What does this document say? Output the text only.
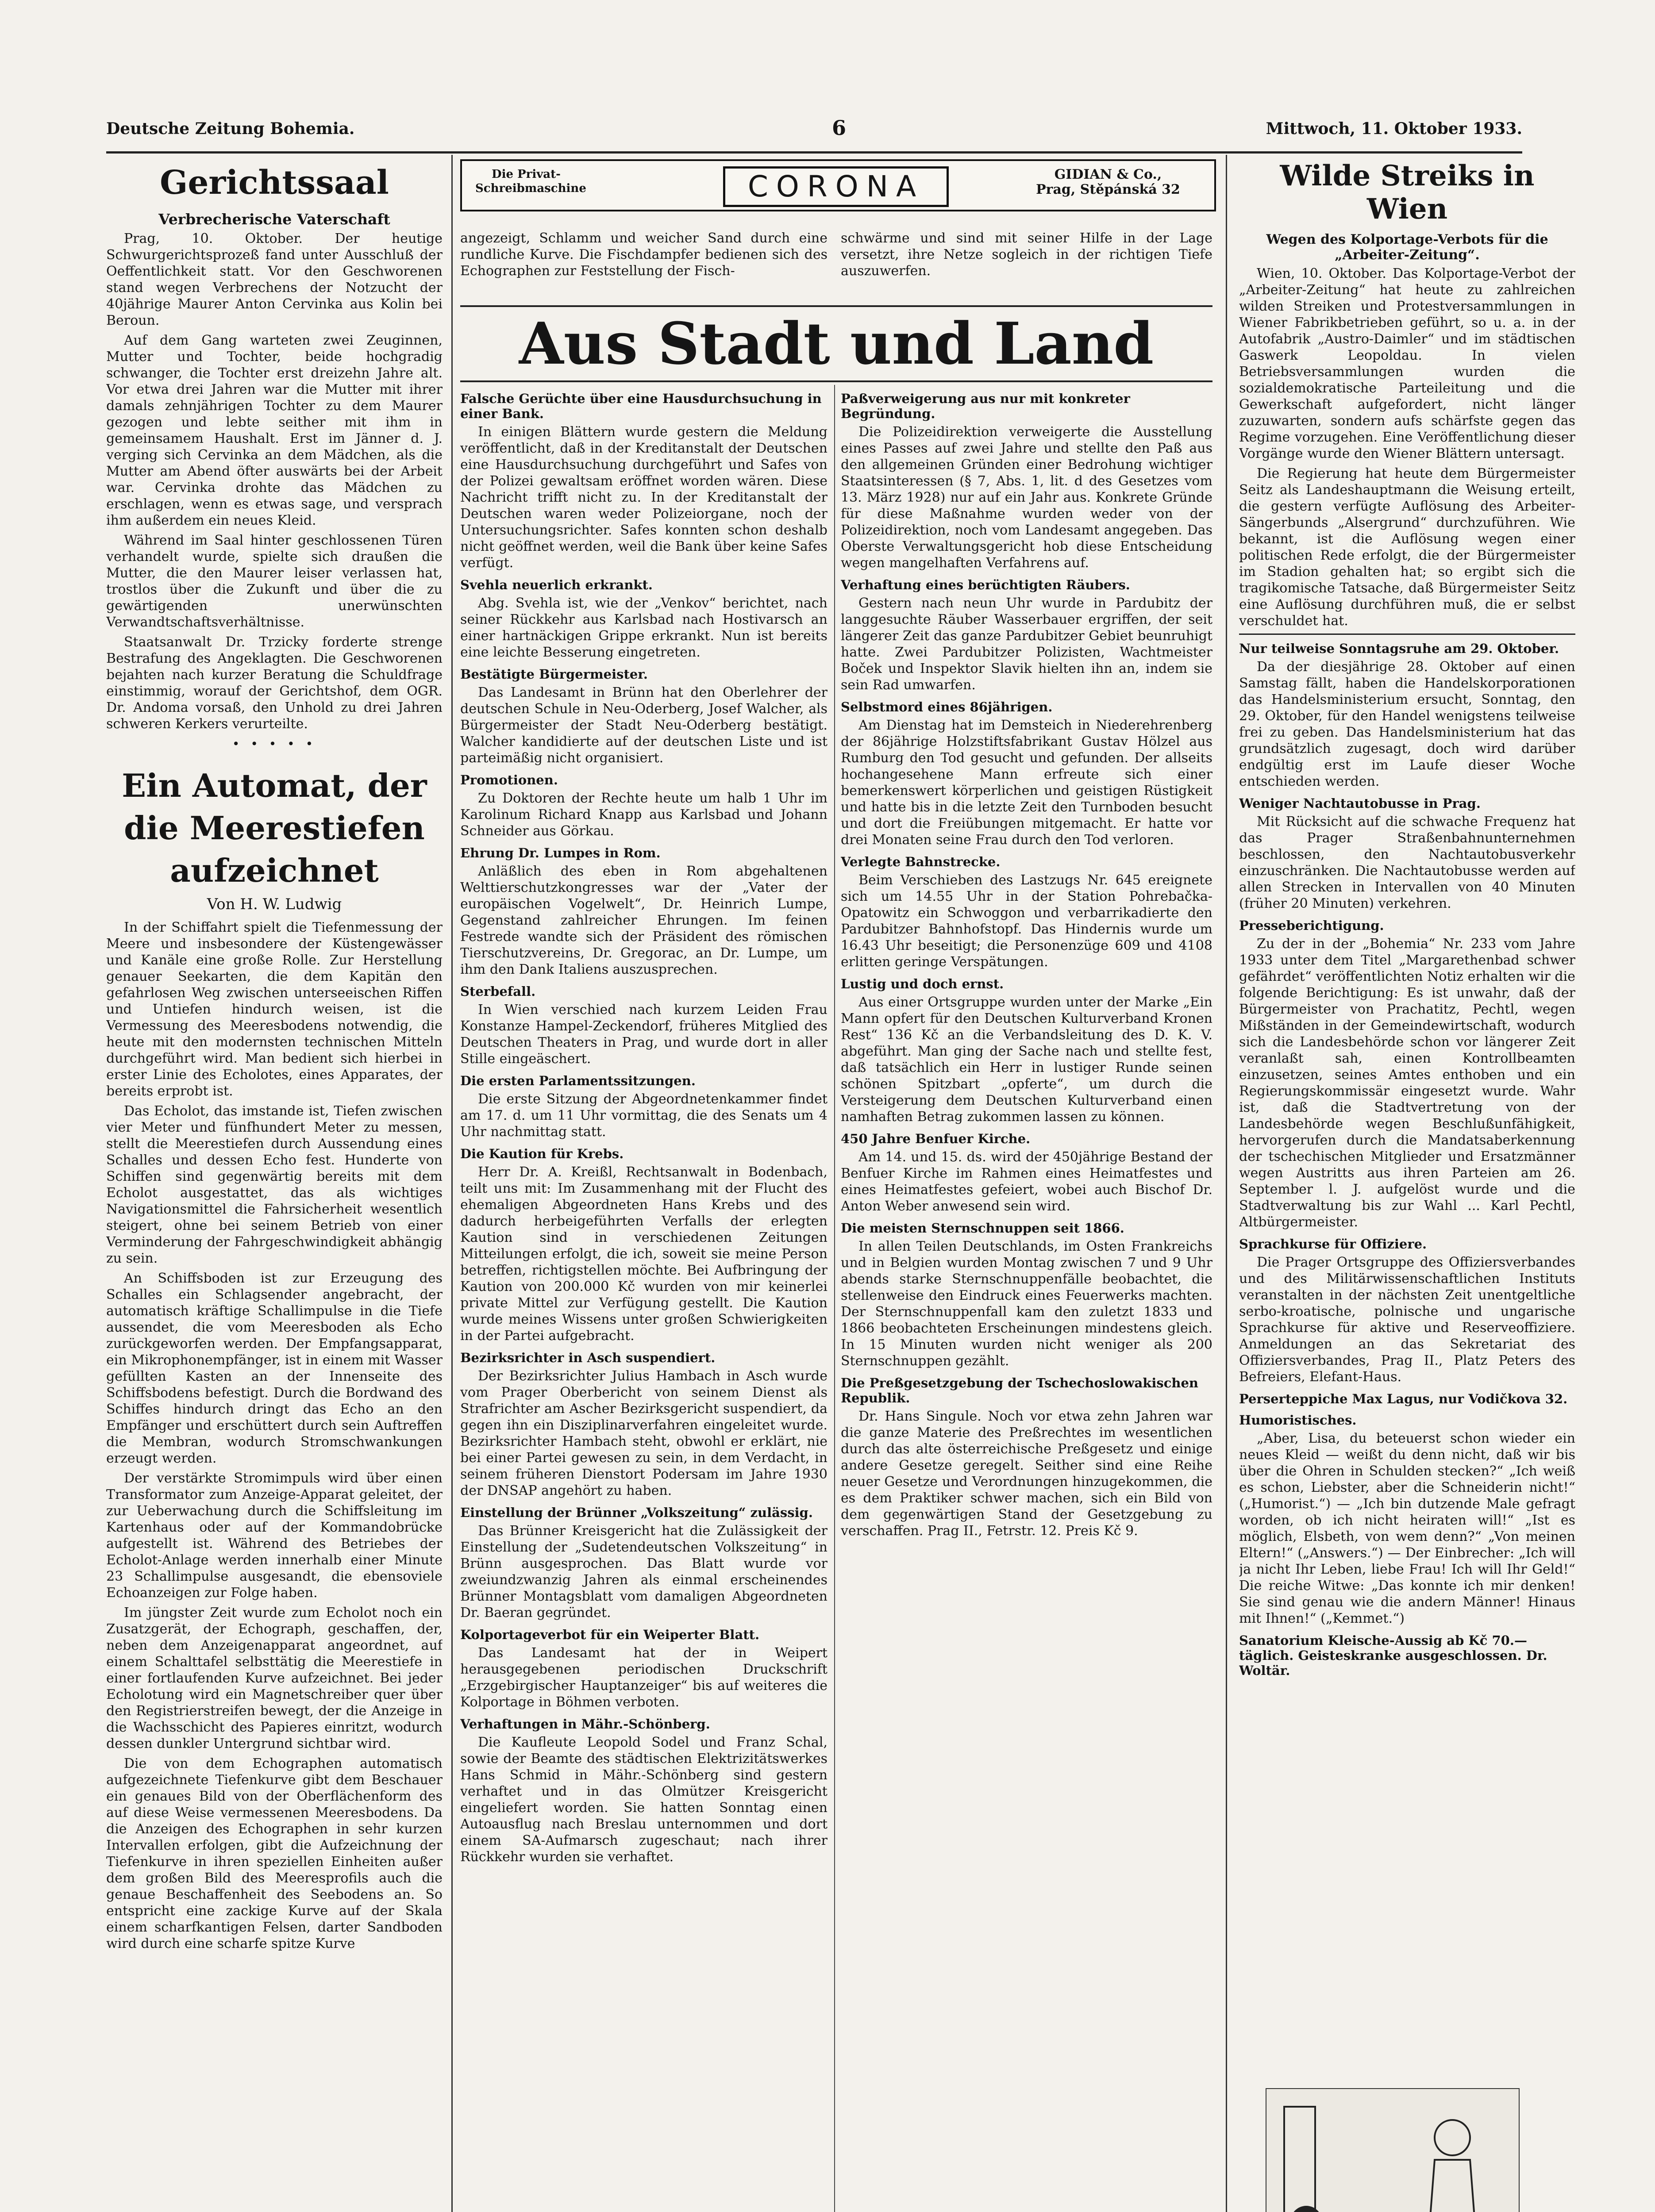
Deutsche Zeitung Bohemia.	6	Mittwoch, 11. Oktober 1933.
Gerichtssaal
Verbrecherische Vaterschaft

Prag, 10. Oktober. Der heutige Schwurgerichtsprozeß fand unter Ausschluß der Oeffentlichkeit statt. Vor den Geschworenen stand wegen Verbrechens der Notzucht der 40jährige Maurer Anton Cervinka aus Kolin bei Beroun.

Auf dem Gang warteten zwei Zeuginnen, Mutter und Tochter, beide hochgradig schwanger, die Tochter erst dreizehn Jahre alt. Vor etwa drei Jahren war die Mutter mit ihrer damals zehnjährigen Tochter zu dem Maurer gezogen und lebte seither mit ihm in gemeinsamem Haushalt. Erst im Jänner d. J. verging sich Cervinka an dem Mädchen, als die Mutter am Abend öfter auswärts bei der Arbeit war. Cervinka drohte das Mädchen zu erschlagen, wenn es etwas sage, und versprach ihm außerdem ein neues Kleid.

Während im Saal hinter geschlossenen Türen verhandelt wurde, spielte sich draußen die Mutter, die den Maurer leiser verlassen hat, trostlos über die Zukunft und über die zu gewärtigenden unerwünschten Verwandtschaftsverhältnisse.

Staatsanwalt Dr. Trzicky forderte strenge Bestrafung des Angeklagten. Die Geschworenen bejahten nach kurzer Beratung die Schuldfrage einstimmig, worauf der Gerichtshof, dem OGR. Dr. Andoma vorsaß, den Unhold zu drei Jahren schweren Kerkers verurteilte.

• • • • •
Ein Automat, der die Meerestiefen aufzeichnet
Von H. W. Ludwig

In der Schiffahrt spielt die Tiefenmessung der Meere und insbesondere der Küstengewässer und Kanäle eine große Rolle. Zur Herstellung genauer Seekarten, die dem Kapitän den gefahrlosen Weg zwischen unterseeischen Riffen und Untiefen hindurch weisen, ist die Vermessung des Meeresbodens notwendig, die heute mit den modernsten technischen Mitteln durchgeführt wird. Man bedient sich hierbei in erster Linie des Echolotes, eines Apparates, der bereits erprobt ist.

Das Echolot, das imstande ist, Tiefen zwischen vier Meter und fünfhundert Meter zu messen, stellt die Meerestiefen durch Aussendung eines Schalles und dessen Echo fest. Hunderte von Schiffen sind gegenwärtig bereits mit dem Echolot ausgestattet, das als wichtiges Navigationsmittel die Fahrsicherheit wesentlich steigert, ohne bei seinem Betrieb von einer Verminderung der Fahrgeschwindigkeit abhängig zu sein.

An Schiffsboden ist zur Erzeugung des Schalles ein Schlagsender angebracht, der automatisch kräftige Schallimpulse in die Tiefe aussendet, die vom Meeresboden als Echo zurückgeworfen werden. Der Empfangsapparat, ein Mikrophonempfänger, ist in einem mit Wasser gefüllten Kasten an der Innenseite des Schiffsbodens befestigt. Durch die Bordwand des Schiffes hindurch dringt das Echo an den Empfänger und erschüttert durch sein Auftreffen die Membran, wodurch Stromschwankungen erzeugt werden.

Der verstärkte Stromimpuls wird über einen Transformator zum Anzeige-Apparat geleitet, der zur Ueberwachung durch die Schiffsleitung im Kartenhaus oder auf der Kommandobrücke aufgestellt ist. Während des Betriebes der Echolot-Anlage werden innerhalb einer Minute 23 Schallimpulse ausgesandt, die ebensoviele Echoanzeigen zur Folge haben.

Im jüngster Zeit wurde zum Echolot noch ein Zusatzgerät, der Echograph, geschaffen, der, neben dem Anzeigenapparat angeordnet, auf einem Schalttafel selbsttätig die Meerestiefe in einer fortlaufenden Kurve aufzeichnet. Bei jeder Echolotung wird ein Magnetschreiber quer über den Registrierstreifen bewegt, der die Anzeige in die Wachsschicht des Papieres einritzt, wodurch dessen dunkler Untergrund sichtbar wird.

Die von dem Echographen automatisch aufgezeichnete Tiefenkurve gibt dem Beschauer ein genaues Bild von der Oberflächenform des auf diese Weise vermessenen Meeresbodens. Da die Anzeigen des Echographen in sehr kurzen Intervallen erfolgen, gibt die Aufzeichnung der Tiefenkurve in ihren speziellen Einheiten außer dem großen Bild des Meeresprofils auch die genaue Beschaffenheit des Seebodens an. So entspricht eine zackige Kurve auf der Skala einem scharfkantigen Felsen, darter Sandboden wird durch eine scharfe spitze Kurve

Die Privat-Schreibmaschine	CORONA	GIDIAN & Co.,
Prag, Stěpánská 32

angezeigt, Schlamm und weicher Sand durch eine rundliche Kurve. Die Fischdampfer bedienen sich des Echographen zur Feststellung der Fisch-

schwärme und sind mit seiner Hilfe in der Lage versetzt, ihre Netze sogleich in der richtigen Tiefe auszuwerfen.

Aus Stadt und Land
Falsche Gerüchte über eine Hausdurchsuchung in einer Bank.

In einigen Blättern wurde gestern die Meldung veröffentlicht, daß in der Kreditanstalt der Deutschen eine Hausdurchsuchung durchgeführt und Safes von der Polizei gewaltsam eröffnet worden wären. Diese Nachricht trifft nicht zu. In der Kreditanstalt der Deutschen waren weder Polizeiorgane, noch der Untersuchungsrichter. Safes konnten schon deshalb nicht geöffnet werden, weil die Bank über keine Safes verfügt.

Svehla neuerlich erkrankt.

Abg. Svehla ist, wie der „Venkov“ berichtet, nach seiner Rückkehr aus Karlsbad nach Hostivarsch an einer hartnäckigen Grippe erkrankt. Nun ist bereits eine leichte Besserung eingetreten.

Bestätigte Bürgermeister.

Das Landesamt in Brünn hat den Oberlehrer der deutschen Schule in Neu-Oderberg, Josef Walcher, als Bürgermeister der Stadt Neu-Oderberg bestätigt. Walcher kandidierte auf der deutschen Liste und ist parteimäßig nicht organisiert.

Promotionen.

Zu Doktoren der Rechte heute um halb 1 Uhr im Karolinum Richard Knapp aus Karlsbad und Johann Schneider aus Görkau.

Ehrung Dr. Lumpes in Rom.

Anläßlich des eben in Rom abgehaltenen Welttierschutzkongresses war der „Vater der europäischen Vogelwelt“, Dr. Heinrich Lumpe, Gegenstand zahlreicher Ehrungen. Im feinen Festrede wandte sich der Präsident des römischen Tierschutzvereins, Dr. Gregorac, an Dr. Lumpe, um ihm den Dank Italiens auszusprechen.

Sterbefall.

In Wien verschied nach kurzem Leiden Frau Konstanze Hampel-Zeckendorf, früheres Mitglied des Deutschen Theaters in Prag, und wurde dort in aller Stille eingeäschert.

Die ersten Parlamentssitzungen.

Die erste Sitzung der Abgeordnetenkammer findet am 17. d. um 11 Uhr vormittag, die des Senats um 4 Uhr nachmittag statt.

Die Kaution für Krebs.

Herr Dr. A. Kreißl, Rechtsanwalt in Bodenbach, teilt uns mit: Im Zusammenhang mit der Flucht des ehemaligen Abgeordneten Hans Krebs und des dadurch herbeigeführten Verfalls der erlegten Kaution sind in verschiedenen Zeitungen Mitteilungen erfolgt, die ich, soweit sie meine Person betreffen, richtigstellen möchte. Bei Aufbringung der Kaution von 200.000 Kč wurden von mir keinerlei private Mittel zur Verfügung gestellt. Die Kaution wurde meines Wissens unter großen Schwierigkeiten in der Partei aufgebracht.

Bezirksrichter in Asch suspendiert.

Der Bezirksrichter Julius Hambach in Asch wurde vom Prager Oberbericht von seinem Dienst als Strafrichter am Ascher Bezirksgericht suspendiert, da gegen ihn ein Disziplinarverfahren eingeleitet wurde. Bezirksrichter Hambach steht, obwohl er erklärt, nie bei einer Partei gewesen zu sein, in dem Verdacht, in seinem früheren Dienstort Podersam im Jahre 1930 der DNSAP angehört zu haben.

Einstellung der Brünner „Volkszeitung“ zulässig.

Das Brünner Kreisgericht hat die Zulässigkeit der Einstellung der „Sudetendeutschen Volkszeitung“ in Brünn ausgesprochen. Das Blatt wurde vor zweiundzwanzig Jahren als einmal erscheinendes Brünner Montagsblatt vom damaligen Abgeordneten Dr. Baeran gegründet.

Kolportageverbot für ein Weiperter Blatt.

Das Landesamt hat der in Weipert herausgegebenen periodischen Druckschrift „Erzgebirgischer Hauptanzeiger“ bis auf weiteres die Kolportage in Böhmen verboten.

Verhaftungen in Mähr.-Schönberg.

Die Kaufleute Leopold Sodel und Franz Schal, sowie der Beamte des städtischen Elektrizitätswerkes Hans Schmid in Mähr.-Schönberg sind gestern verhaftet und in das Olmützer Kreisgericht eingeliefert worden. Sie hatten Sonntag einen Autoausflug nach Breslau unternommen und dort einem SA-Aufmarsch zugeschaut; nach ihrer Rückkehr wurden sie verhaftet.

Paßverweigerung aus nur mit konkreter Begründung.

Die Polizeidirektion verweigerte die Ausstellung eines Passes auf zwei Jahre und stellte den Paß aus den allgemeinen Gründen einer Bedrohung wichtiger Staatsinteressen (§ 7, Abs. 1, lit. d des Gesetzes vom 13. März 1928) nur auf ein Jahr aus. Konkrete Gründe für diese Maßnahme wurden weder von der Polizeidirektion, noch vom Landesamt angegeben. Das Oberste Verwaltungsgericht hob diese Entscheidung wegen mangelhaften Verfahrens auf.

Verhaftung eines berüchtigten Räubers.

Gestern nach neun Uhr wurde in Pardubitz der langgesuchte Räuber Wasserbauer ergriffen, der seit längerer Zeit das ganze Pardubitzer Gebiet beunruhigt hatte. Zwei Pardubitzer Polizisten, Wachtmeister Boček und Inspektor Slavik hielten ihn an, indem sie sein Rad umwarfen.

Selbstmord eines 86jährigen.

Am Dienstag hat im Demsteich in Niederehrenberg der 86jährige Holzstiftsfabrikant Gustav Hölzel aus Rumburg den Tod gesucht und gefunden. Der allseits hochangesehene Mann erfreute sich einer bemerkenswert körperlichen und geistigen Rüstigkeit und hatte bis in die letzte Zeit den Turnboden besucht und dort die Freiübungen mitgemacht. Er hatte vor drei Monaten seine Frau durch den Tod verloren.

Verlegte Bahnstrecke.

Beim Verschieben des Lastzugs Nr. 645 ereignete sich um 14.55 Uhr in der Station Pohrebačka-Opatowitz ein Schwoggon und verbarrikadierte den Pardubitzer Bahnhofstopf. Das Hindernis wurde um 16.43 Uhr beseitigt; die Personenzüge 609 und 4108 erlitten geringe Verspätungen.

Lustig und doch ernst.

Aus einer Ortsgruppe wurden unter der Marke „Ein Mann opfert für den Deutschen Kulturverband Kronen Rest“ 136 Kč an die Verbandsleitung des D. K. V. abgeführt. Man ging der Sache nach und stellte fest, daß tatsächlich ein Herr in lustiger Runde seinen schönen Spitzbart „opferte“, um durch die Versteigerung dem Deutschen Kulturverband einen namhaften Betrag zukommen lassen zu können.

450 Jahre Benfuer Kirche.

Am 14. und 15. ds. wird der 450jährige Bestand der Benfuer Kirche im Rahmen eines Heimatfestes und eines Heimatfestes gefeiert, wobei auch Bischof Dr. Anton Weber anwesend sein wird.

Die meisten Sternschnuppen seit 1866.

In allen Teilen Deutschlands, im Osten Frankreichs und in Belgien wurden Montag zwischen 7 und 9 Uhr abends starke Sternschnuppenfälle beobachtet, die stellenweise den Eindruck eines Feuerwerks machten. Der Sternschnuppenfall kam den zuletzt 1833 und 1866 beobachteten Erscheinungen mindestens gleich. In 15 Minuten wurden nicht weniger als 200 Sternschnuppen gezählt.

Die Preßgesetzgebung der Tschechoslowakischen Republik.

Dr. Hans Singule. Noch vor etwa zehn Jahren war die ganze Materie des Preßrechtes im wesentlichen durch das alte österreichische Preßgesetz und einige andere Gesetze geregelt. Seither sind eine Reihe neuer Gesetze und Verordnungen hinzugekommen, die es dem Praktiker schwer machen, sich ein Bild von dem gegenwärtigen Stand der Gesetzgebung zu verschaffen. Prag II., Fetrstr. 12. Preis Kč 9.

Wilde Streiks in Wien
Wegen des Kolportage-Verbots für die „Arbeiter-Zeitung“.

Wien, 10. Oktober. Das Kolportage-Verbot der „Arbeiter-Zeitung“ hat heute zu zahlreichen wilden Streiken und Protestversammlungen in Wiener Fabrikbetrieben geführt, so u. a. in der Autofabrik „Austro-Daimler“ und im städtischen Gaswerk Leopoldau. In vielen Betriebsversammlungen wurden die sozialdemokratische Parteileitung und die Gewerkschaft aufgefordert, nicht länger zuzuwarten, sondern aufs schärfste gegen das Regime vorzugehen. Eine Veröffentlichung dieser Vorgänge wurde den Wiener Blättern untersagt.

Die Regierung hat heute dem Bürgermeister Seitz als Landeshauptmann die Weisung erteilt, die gestern verfügte Auflösung des Arbeiter-Sängerbunds „Alsergrund“ durchzuführen. Wie bekannt, ist die Auflösung wegen einer politischen Rede erfolgt, die der Bürgermeister im Stadion gehalten hat; so ergibt sich die tragikomische Tatsache, daß Bürgermeister Seitz eine Auflösung durchführen muß, die er selbst verschuldet hat.

Nur teilweise Sonntagsruhe am 29. Oktober.

Da der diesjährige 28. Oktober auf einen Samstag fällt, haben die Handelskorporationen das Handelsministerium ersucht, Sonntag, den 29. Oktober, für den Handel wenigstens teilweise frei zu geben. Das Handelsministerium hat das grundsätzlich zugesagt, doch wird darüber endgültig erst im Laufe dieser Woche entschieden werden.

Weniger Nachtautobusse in Prag.

Mit Rücksicht auf die schwache Frequenz hat das Prager Straßenbahnunternehmen beschlossen, den Nachtautobusverkehr einzuschränken. Die Nachtautobusse werden auf allen Strecken in Intervallen von 40 Minuten (früher 20 Minuten) verkehren.

Presseberichtigung.

Zu der in der „Bohemia“ Nr. 233 vom Jahre 1933 unter dem Titel „Margarethenbad schwer gefährdet“ veröffentlichten Notiz erhalten wir die folgende Berichtigung: Es ist unwahr, daß der Bürgermeister von Prachatitz, Pechtl, wegen Mißständen in der Gemeindewirtschaft, wodurch sich die Landesbehörde schon vor längerer Zeit veranlaßt sah, einen Kontrollbeamten einzusetzen, seines Amtes enthoben und ein Regierungskommissär eingesetzt wurde. Wahr ist, daß die Stadtvertretung von der Landesbehörde wegen Beschlußunfähigkeit, hervorgerufen durch die Mandatsaberkennung der tschechischen Mitglieder und Ersatzmänner wegen Austritts aus ihren Parteien am 26. September l. J. aufgelöst wurde und die Stadtverwaltung bis zur Wahl ... Karl Pechtl, Altbürgermeister.

Sprachkurse für Offiziere.

Die Prager Ortsgruppe des Offiziersverbandes und des Militärwissenschaftlichen Instituts veranstalten in der nächsten Zeit unentgeltliche serbo-kroatische, polnische und ungarische Sprachkurse für aktive und Reserveoffiziere. Anmeldungen an das Sekretariat des Offiziersverbandes, Prag II., Platz Peters des Befreiers, Elefant-Haus.

Perserteppiche Max Lagus, nur Vodičkova 32.
Humoristisches.

„Aber, Lisa, du beteuerst schon wieder ein neues Kleid — weißt du denn nicht, daß wir bis über die Ohren in Schulden stecken?“ „Ich weiß es schon, Liebster, aber die Schneiderin nicht!“ („Humorist.“) — „Ich bin dutzende Male gefragt worden, ob ich nicht heiraten will!“ „Ist es möglich, Elsbeth, von wem denn?“ „Von meinen Eltern!“ („Answers.“) — Der Einbrecher: „Ich will ja nicht Ihr Leben, liebe Frau! Ich will Ihr Geld!“ Die reiche Witwe: „Das konnte ich mir denken! Sie sind genau wie die andern Männer! Hinaus mit Ihnen!“ („Kemmet.“)

Sanatorium Kleische-Aussig ab Kč 70.— täglich. Geisteskranke ausgeschlossen. Dr. Woltär.
